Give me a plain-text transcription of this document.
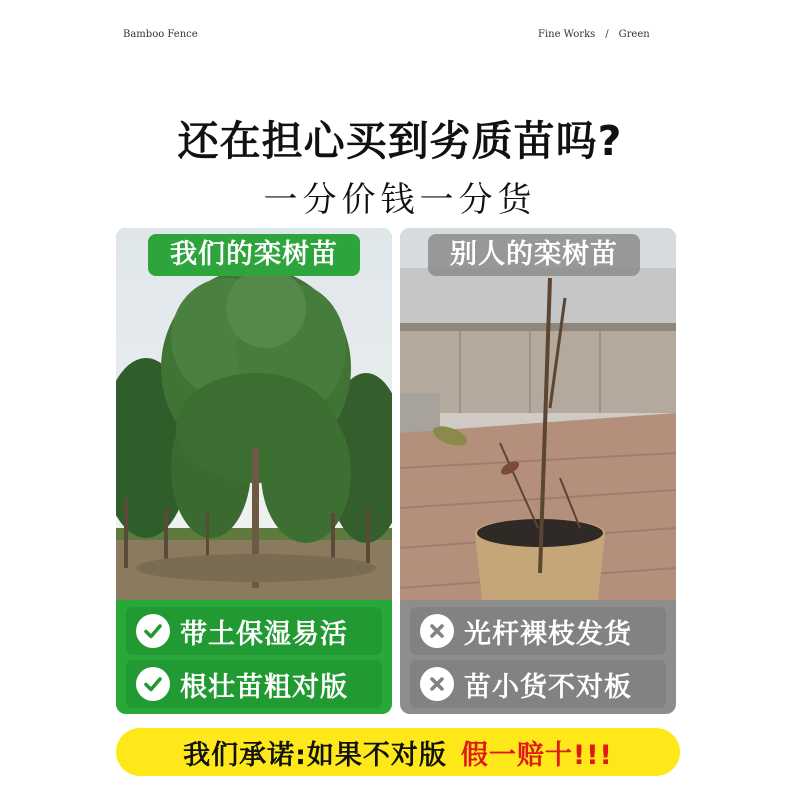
Bamboo Fence	Fine Works / Green
还在担心买到劣质苗吗?
一分价钱一分货
我们的栾树苗
带土保湿易活
根壮苗粗对版
别人的栾树苗
光杆裸枝发货
苗小货不对板
我们承诺:如果不对版 假一赔十!!!
